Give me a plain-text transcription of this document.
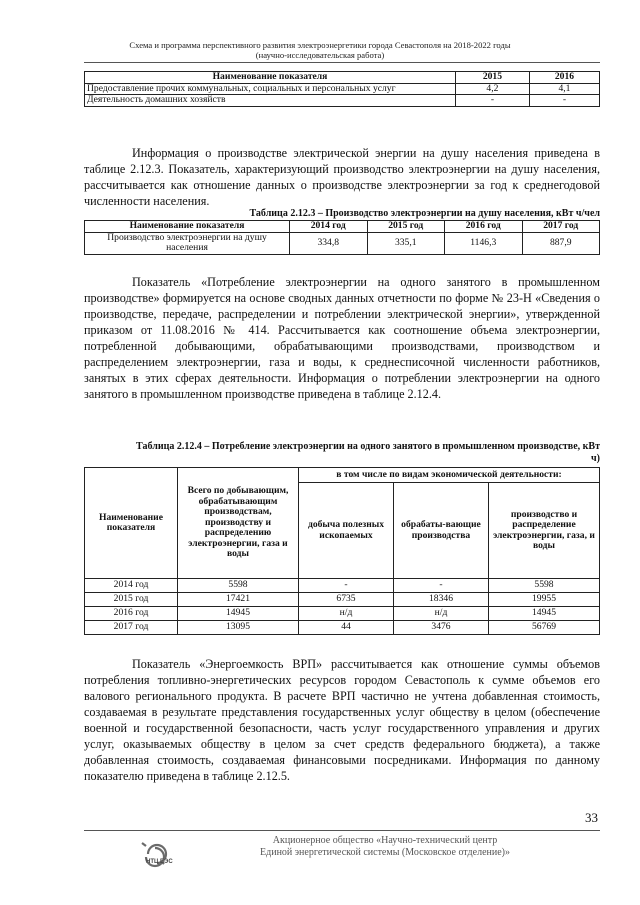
Схема и программа перспективного развития электроэнергетики города Севастополя на 2018-2022 годы
(научно-исследовательская работа)
Наименование показателя	2015	2016
Предоставление прочих коммунальных, социальных и персональных услуг	4,2	4,1
Деятельность домашних хозяйств	-	-

Информация о производстве электрической энергии на душу населения приведена в таблице 2.12.3. Показатель, характеризующий производство электроэнергии на душу населения, рассчитывается как отношение данных о производстве электроэнергии за год к среднегодовой численности населения.

Таблица 2.12.3 – Производство электроэнергии на душу населения, кВт ч/чел
Наименование показателя	2014 год	2015 год	2016 год	2017 год
Производство электроэнергии на душу населения	334,8	335,1	1146,3	887,9

Показатель «Потребление электроэнергии на одного занятого в промышленном производстве» формируется на основе сводных данных отчетности по форме № 23-Н «Сведения о производстве, передаче, распределении и потреблении электрической энергии», утвержденной приказом от 11.08.2016 № 414. Рассчитывается как соотношение объема электроэнергии, потребленной добывающими, обрабатывающими производствами, производством и распределением электроэнергии, газа и воды, к среднесписочной численности работников, занятых в этих сферах деятельности. Информация о потреблении электроэнергии на одного занятого в промышленном производстве приведена в таблице 2.12.4.

Таблица 2.12.4 – Потребление электроэнергии на одного занятого в промышленном производстве, кВт ч)
Наименование показателя	Всего по добывающим, обрабатывающим производствам, производству и распределению электроэнергии, газа и воды	в том числе по видам экономической деятельности:		
		добыча полезных ископаемых	обрабаты-вающие производства	производство и распределение электроэнергии, газа, и воды
2014 год	5598	-	-	5598
2015 год	17421	6735	18346	19955
2016 год	14945	н/д	н/д	14945
2017 год	13095	44	3476	56769

Показатель «Энергоемкость ВРП» рассчитывается как отношение суммы объемов потребления топливно-энергетических ресурсов городом Севастополь к сумме объемов его валового регионального продукта. В расчете ВРП частично не учтена добавленная стоимость, создаваемая в результате представления государственных услуг обществу в целом (обеспечение военной и государственной безопасности, часть услуг государственного управления и других услуг, оказываемых обществу в целом за счет средств федерального бюджета), а также добавленная стоимость, создаваемая финансовыми посредниками. Информация по данному показателю приведена в таблице 2.12.5.

33
НТЦ ЕЭС
Акционерное общество «Научно-технический центр
Единой энергетической системы (Московское отделение)»
